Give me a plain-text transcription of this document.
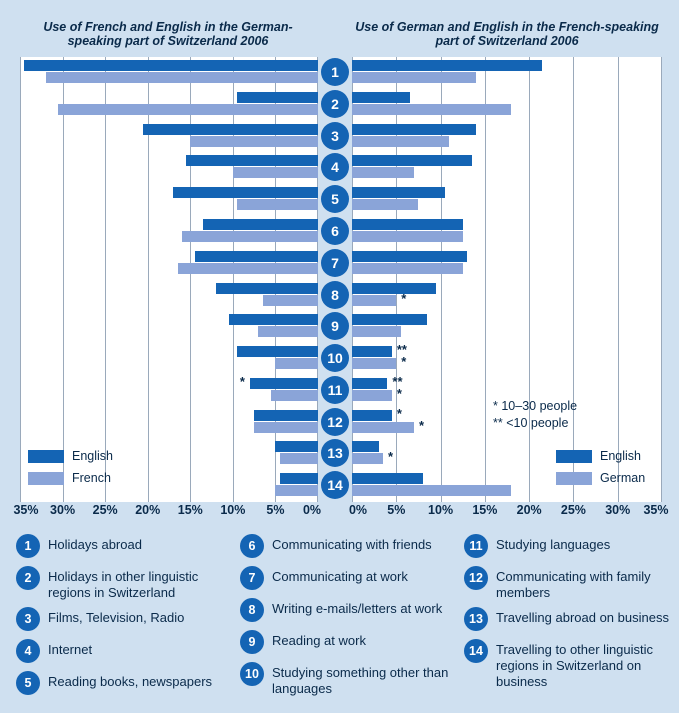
Use of French and English in the German-speaking part of Switzerland 2006
Use of German and English in the French-speaking part of Switzerland 2006
*
*
**
*
**
*
*
*
*
1
2
3
4
5
6
7
8
9
10
11
12
13
14
35% 30% 25% 20% 15% 10% 5% 0% 0% 5% 10% 15% 20% 25% 30% 35%
English
French
English
German
* 10–30 people
** <10 people
1	Holidays abroad
2	Holidays in other linguistic regions in Switzerland
3	Films, Television, Radio
4	Internet
5	Reading books, newspapers
6	Communicating with friends
7	Communicating at work
8	Writing e-mails/letters at work
9	Reading at work
10	Studying something other than languages
11	Studying languages
12	Communicating with family members
13	Travelling abroad on business
14	Travelling to other linguistic regions in Switzerland on business
